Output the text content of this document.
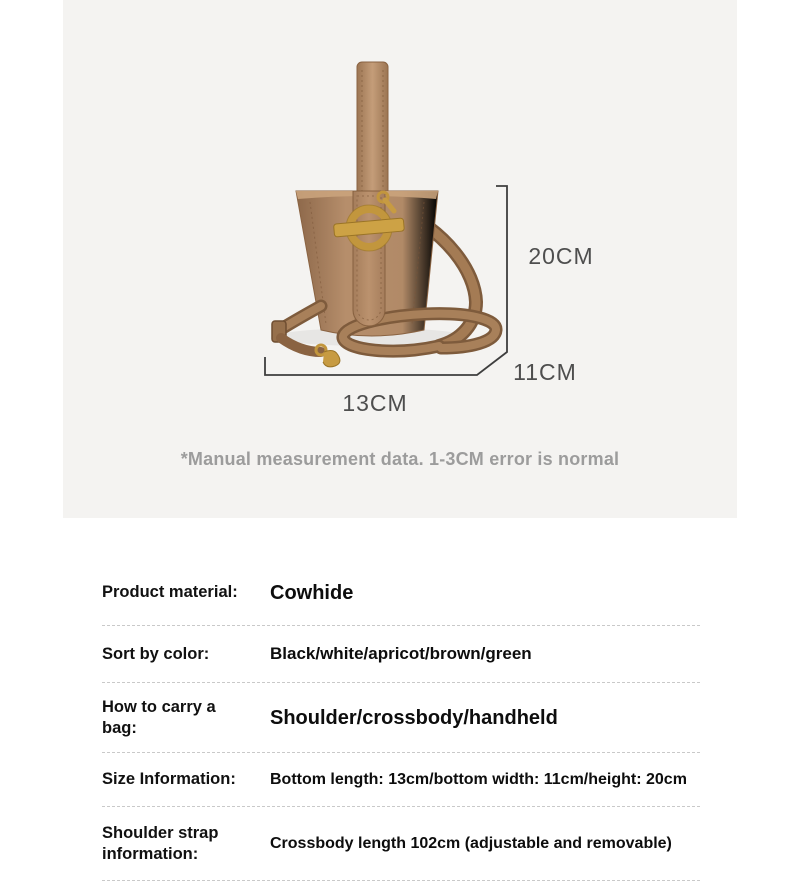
20CM
11CM
13CM
*Manual measurement data. 1-3CM error is normal
Product material:	Cowhide
Sort by color:	Black/white/apricot/brown/green
How to carry a bag:	Shoulder/crossbody/handheld
Size Information:	Bottom length: 13cm/bottom width: 11cm/height: 20cm
Shoulder strap information:
Crossbody length 102cm (adjustable and removable)
